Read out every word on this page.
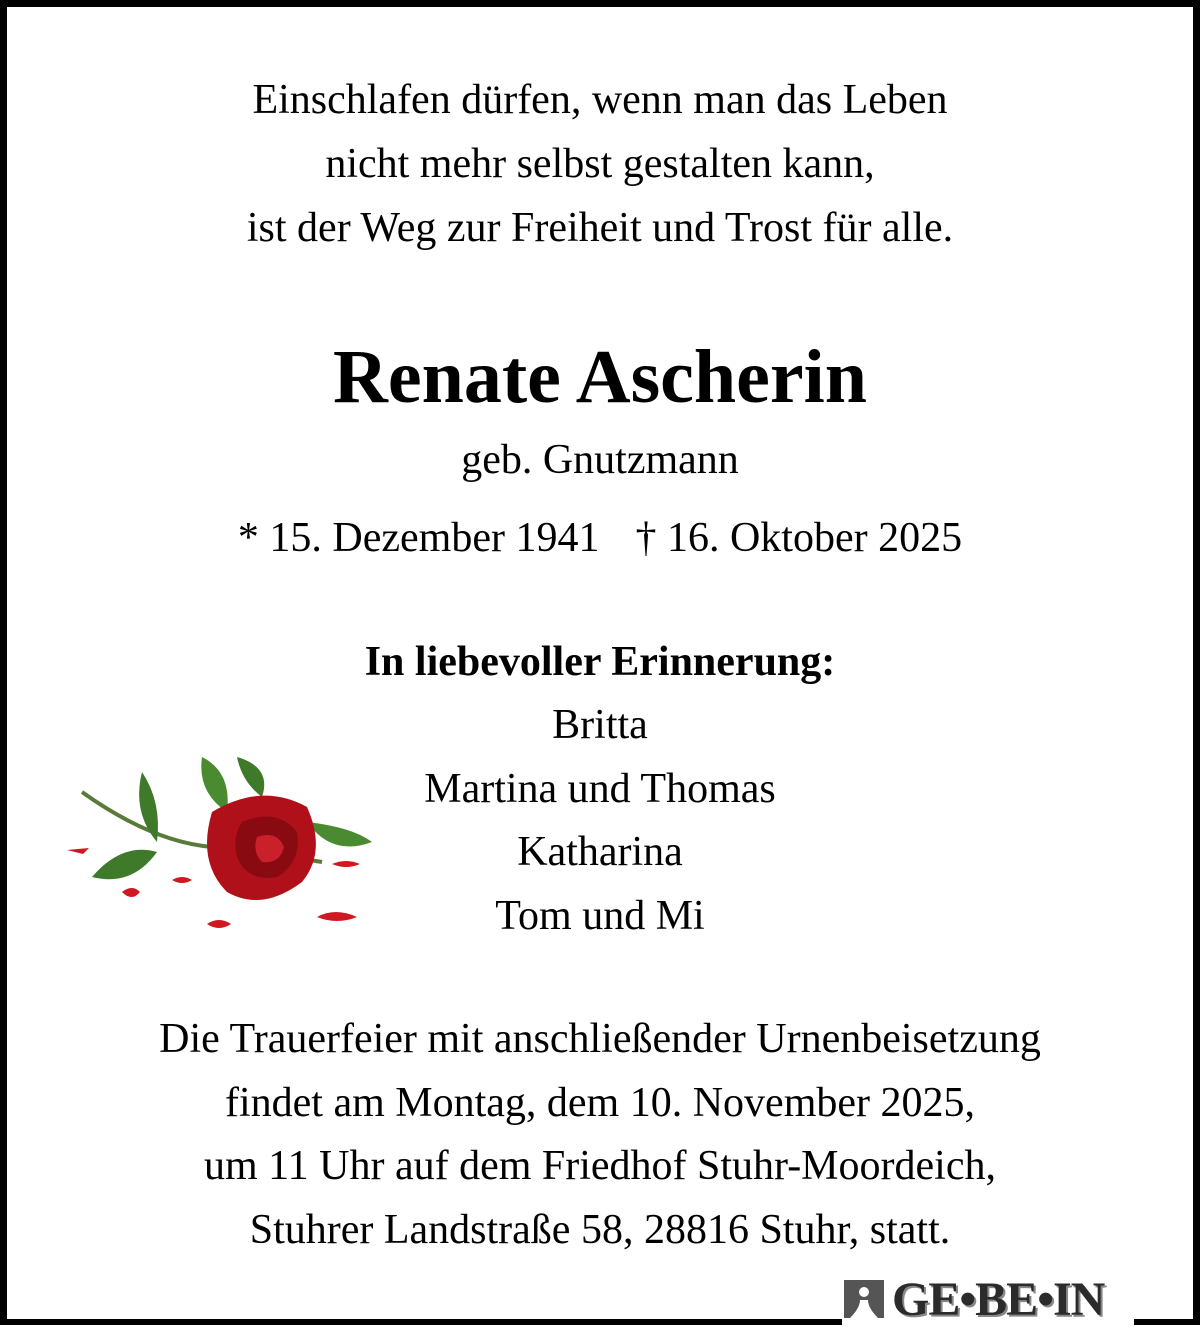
Einschlafen dürfen, wenn man das Leben
nicht mehr selbst gestalten kann,
ist der Weg zur Freiheit und Trost für alle.
Renate Ascherin
geb. Gnutzmann
* 15. Dezember 1941 † 16. Oktober 2025
In liebevoller Erinnerung:
Britta
Martina und Thomas
Katharina
Tom und Mi
Die Trauerfeier mit anschließender Urnenbeisetzung
findet am Montag, dem 10. November 2025,
um 11 Uhr auf dem Friedhof Stuhr-Moordeich,
Stuhrer Landstraße 58, 28816 Stuhr, statt.
GE•BE•IN
